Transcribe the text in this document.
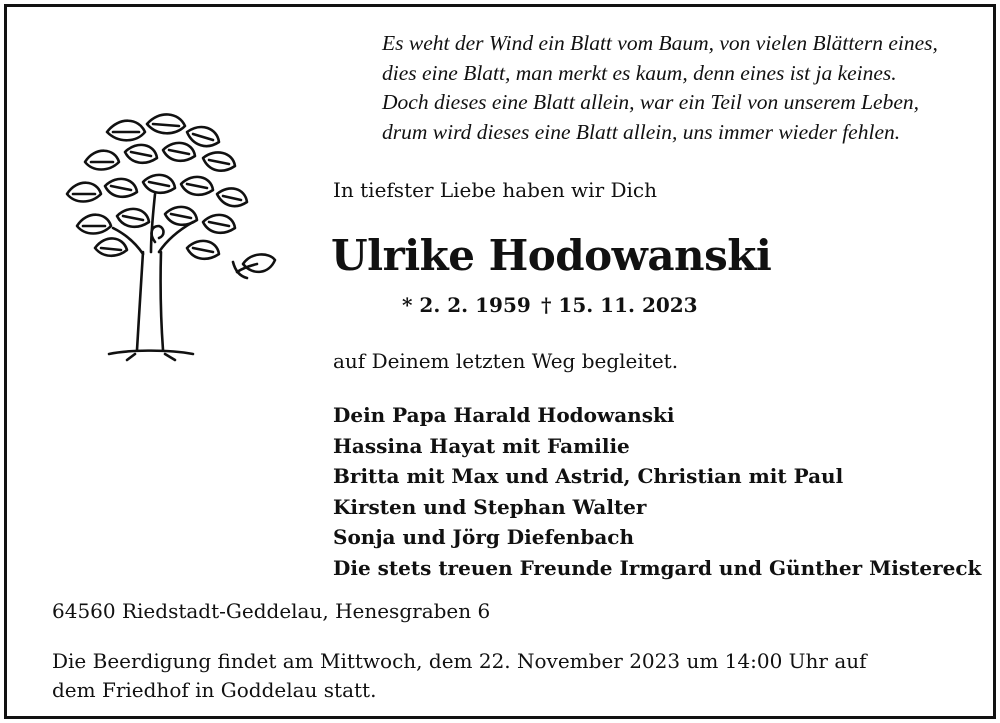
Es weht der Wind ein Blatt vom Baum, von vielen Blättern eines,
dies eine Blatt, man merkt es kaum, denn eines ist ja keines.
Doch dieses eine Blatt allein, war ein Teil von unserem Leben,
drum wird dieses eine Blatt allein, uns immer wieder fehlen.
In tiefster Liebe haben wir Dich
Ulrike Hodowanski
* 2. 2. 1959 † 15. 11. 2023
auf Deinem letzten Weg begleitet.
Dein Papa Harald Hodowanski
Hassina Hayat mit Familie
Britta mit Max und Astrid, Christian mit Paul
Kirsten und Stephan Walter
Sonja und Jörg Diefenbach
Die stets treuen Freunde Irmgard und Günther Mistereck
64560 Riedstadt-Geddelau, Henesgraben 6
Die Beerdigung findet am Mittwoch, dem 22. November 2023 um 14:00 Uhr auf
dem Friedhof in Goddelau statt.
